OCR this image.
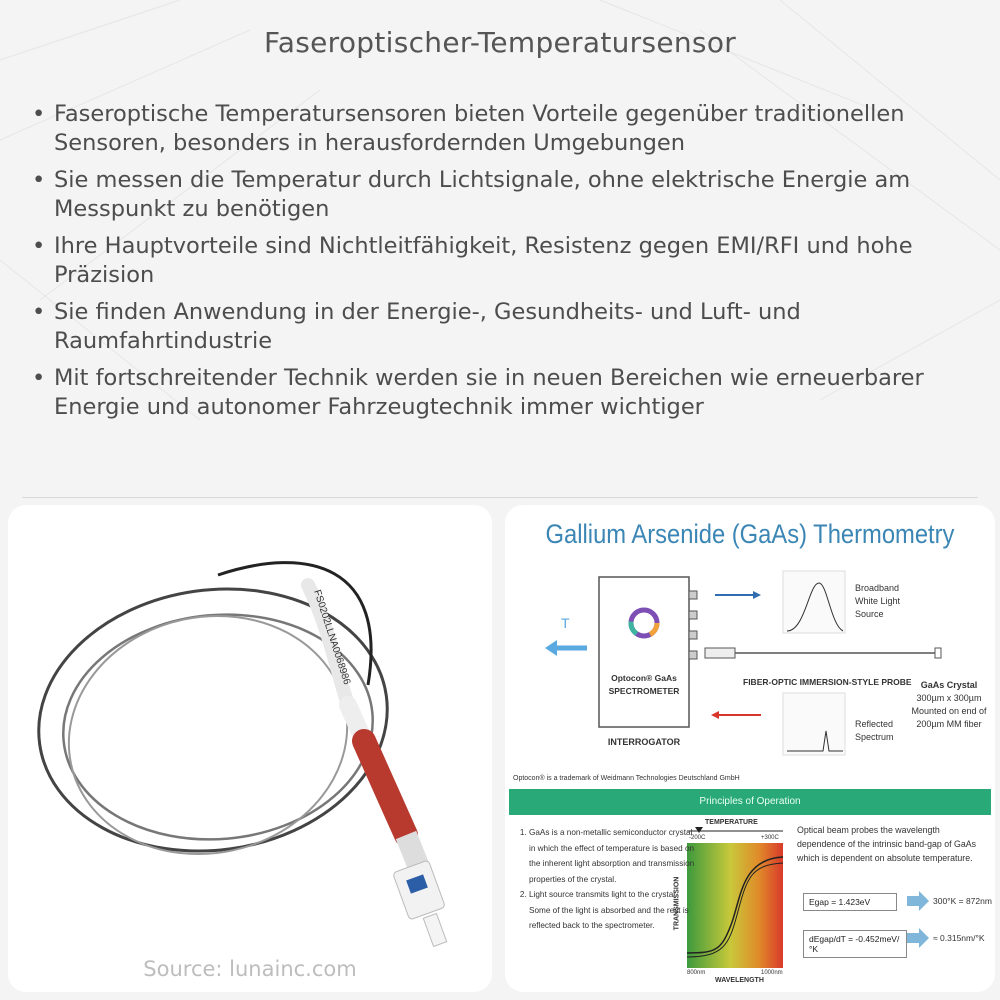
Faseroptischer-Temperatursensor
• Faseroptische Temperatursensoren bieten Vorteile gegenüber traditionellen Sensoren, besonders in herausfordernden Umgebungen
• Sie messen die Temperatur durch Lichtsignale, ohne elektrische Energie am Messpunkt zu benötigen
• Ihre Hauptvorteile sind Nichtleitfähigkeit, Resistenz gegen EMI/RFI und hohe Präzision
• Sie finden Anwendung in der Energie-, Gesundheits- und Luft- und Raumfahrtindustrie
• Mit fortschreitender Technik werden sie in neuen Bereichen wie erneuerbarer Energie und autonomer Fahrzeugtechnik immer wichtiger
FS0202LLNA0068986
Source: lunainc.com
Gallium Arsenide (GaAs) Thermometry
T
Optocon® GaAs
SPECTROMETER
INTERROGATOR
Broadband
White Light
Source
FIBER-OPTIC IMMERSION-STYLE PROBE	GaAs Crystal
300µm x 300µm
Mounted on end of
200µm MM fiber
Reflected
Spectrum
Optocon® is a trademark of Weidmann Technologies Deutschland GmbH
Principles of Operation
1. GaAs is a non-metallic semiconductor crystal in which the effect of temperature is based on the inherent light absorption and transmission properties of the crystal.
2. Light source transmits light to the crystal. Some of the light is absorbed and the rest is reflected back to the spectrometer.
TEMPERATURE
-200C	+300C
TRANSMISSION
800nm	1000nm
WAVELENGTH
Optical beam probes the wavelength dependence of the intrinsic band-gap of GaAs which is dependent on absolute temperature.
Egap = 1.423eV	300°K = 872nm
dEgap/dT = -0.452meV/°K
≈ 0.315nm/°K
